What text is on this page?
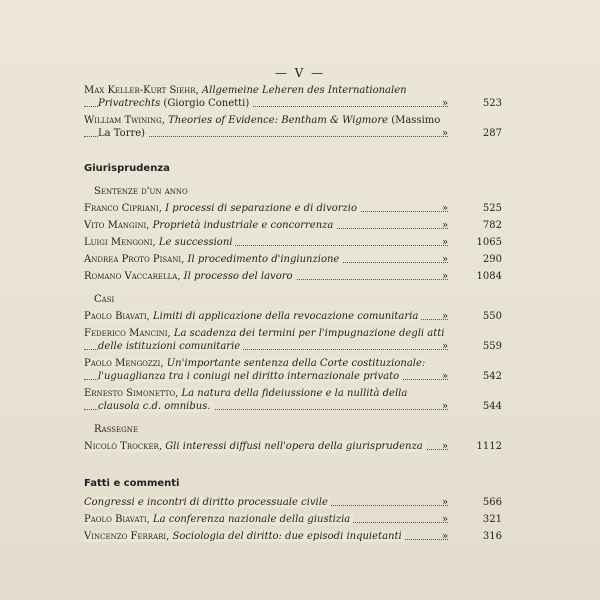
— V —
Max Keller-Kurt Siehr, Allgemeine Leheren des Internationalen Privatrechts (Giorgio Conetti)	»	523
William Twining, Theories of Evidence: Bentham & Wigmore (Massimo La Torre)	»	287
Giurisprudenza
Sentenze d'un anno
Franco Cipriani, I processi di separazione e di divorzio	»	525
Vito Mangini, Proprietà industriale e concorrenza	»	782
Luigi Mengoni, Le successioni	»	1065
Andrea Proto Pisani, Il procedimento d'ingiunzione	»	290
Romano Vaccarella, Il processo del lavoro	»	1084
Casi
Paolo Biavati, Limiti di applicazione della revocazione comunitaria »	550
Federico Mancini, La scadenza dei termini per l'impugnazione degli atti delle istituzioni comunitarie	»	559
Paolo Mengozzi, Un'importante sentenza della Corte costituzionale: l'uguaglianza tra i coniugi nel diritto internazionale privato	»	542
Ernesto Simonetto, La natura della fideiussione e la nullità della clausola c.d. omnibus.	»	544
Rassegne
Nicolò Trocker, Gli interessi diffusi nell'opera della giurisprudenza »	1112
Fatti e commenti
Congressi e incontri di diritto processuale civile	»	566
Paolo Biavati, La conferenza nazionale della giustizia	»	321
Vincenzo Ferrari, Sociologia del diritto: due episodi inquietanti	»	316
